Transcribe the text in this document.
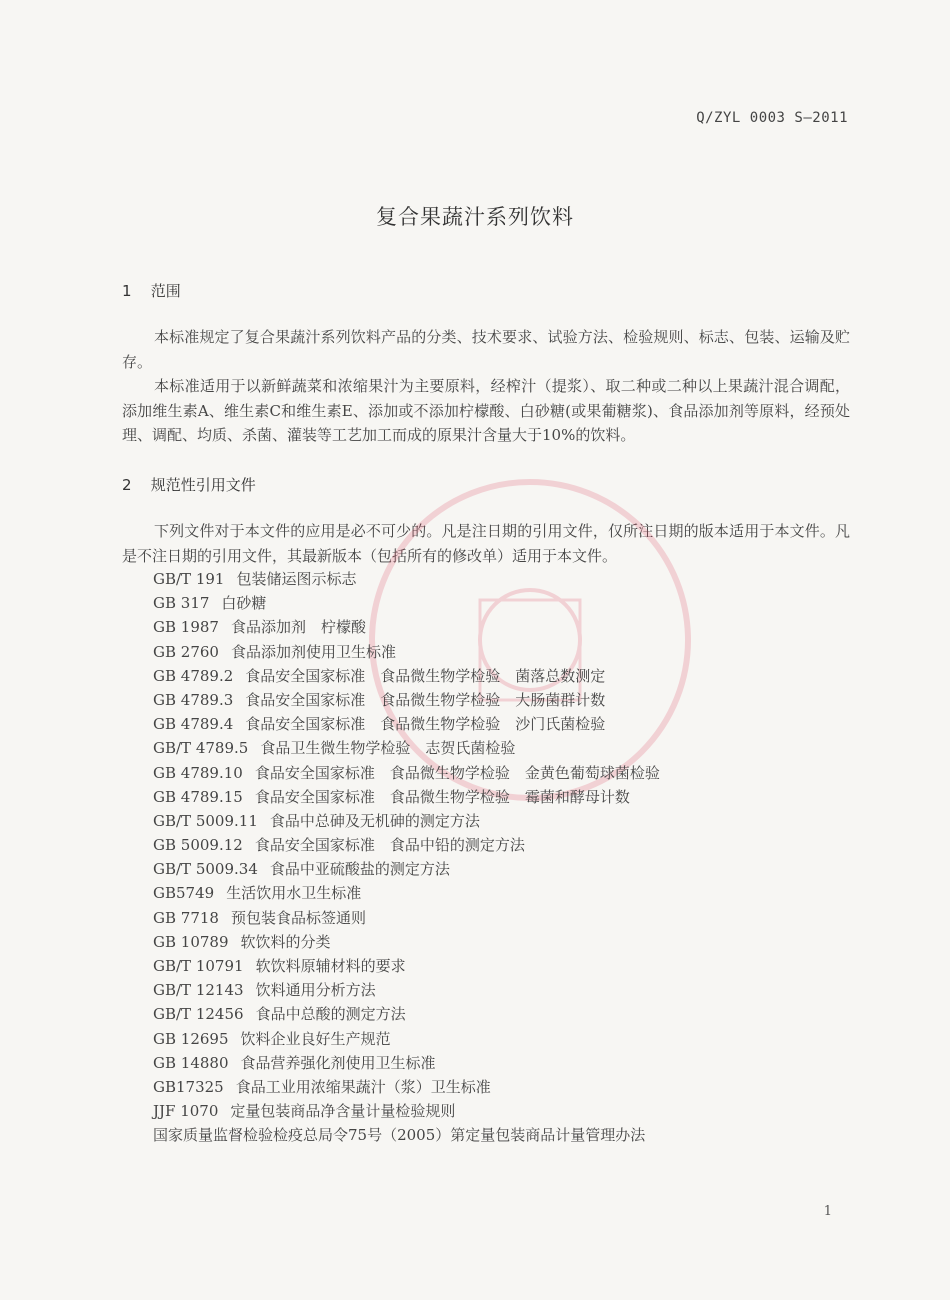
Q/ZYL 0003 S—2011
复合果蔬汁系列饮料
1 范围

本标准规定了复合果蔬汁系列饮料产品的分类、技术要求、试验方法、检验规则、标志、包装、运输及贮存。

本标准适用于以新鲜蔬菜和浓缩果汁为主要原料，经榨汁（提浆）、取二种或二种以上果蔬汁混合调配，添加维生素A、维生素C和维生素E、添加或不添加柠檬酸、白砂糖(或果葡糖浆)、食品添加剂等原料，经预处理、调配、均质、杀菌、灌装等工艺加工而成的原果汁含量大于10%的饮料。

2 规范性引用文件

下列文件对于本文件的应用是必不可少的。凡是注日期的引用文件，仅所注日期的版本适用于本文件。凡是不注日期的引用文件，其最新版本（包括所有的修改单）适用于本文件。

GB/T 191 包装储运图示标志
GB 317 白砂糖
GB 1987 食品添加剂　柠檬酸
GB 2760 食品添加剂使用卫生标准
GB 4789.2 食品安全国家标准　食品微生物学检验　菌落总数测定
GB 4789.3 食品安全国家标准　食品微生物学检验　大肠菌群计数
GB 4789.4 食品安全国家标准　食品微生物学检验　沙门氏菌检验
GB/T 4789.5 食品卫生微生物学检验　志贺氏菌检验
GB 4789.10 食品安全国家标准　食品微生物学检验　金黄色葡萄球菌检验
GB 4789.15 食品安全国家标准　食品微生物学检验　霉菌和酵母计数
GB/T 5009.11 食品中总砷及无机砷的测定方法
GB 5009.12 食品安全国家标准　食品中铅的测定方法
GB/T 5009.34 食品中亚硫酸盐的测定方法
GB5749 生活饮用水卫生标准
GB 7718 预包装食品标签通则
GB 10789 软饮料的分类
GB/T 10791 软饮料原辅材料的要求
GB/T 12143 饮料通用分析方法
GB/T 12456 食品中总酸的测定方法
GB 12695 饮料企业良好生产规范
GB 14880 食品营养强化剂使用卫生标准
GB17325 食品工业用浓缩果蔬汁（浆）卫生标准
JJF 1070 定量包装商品净含量计量检验规则
国家质量监督检验检疫总局令75号（2005）第定量包装商品计量管理办法
1
